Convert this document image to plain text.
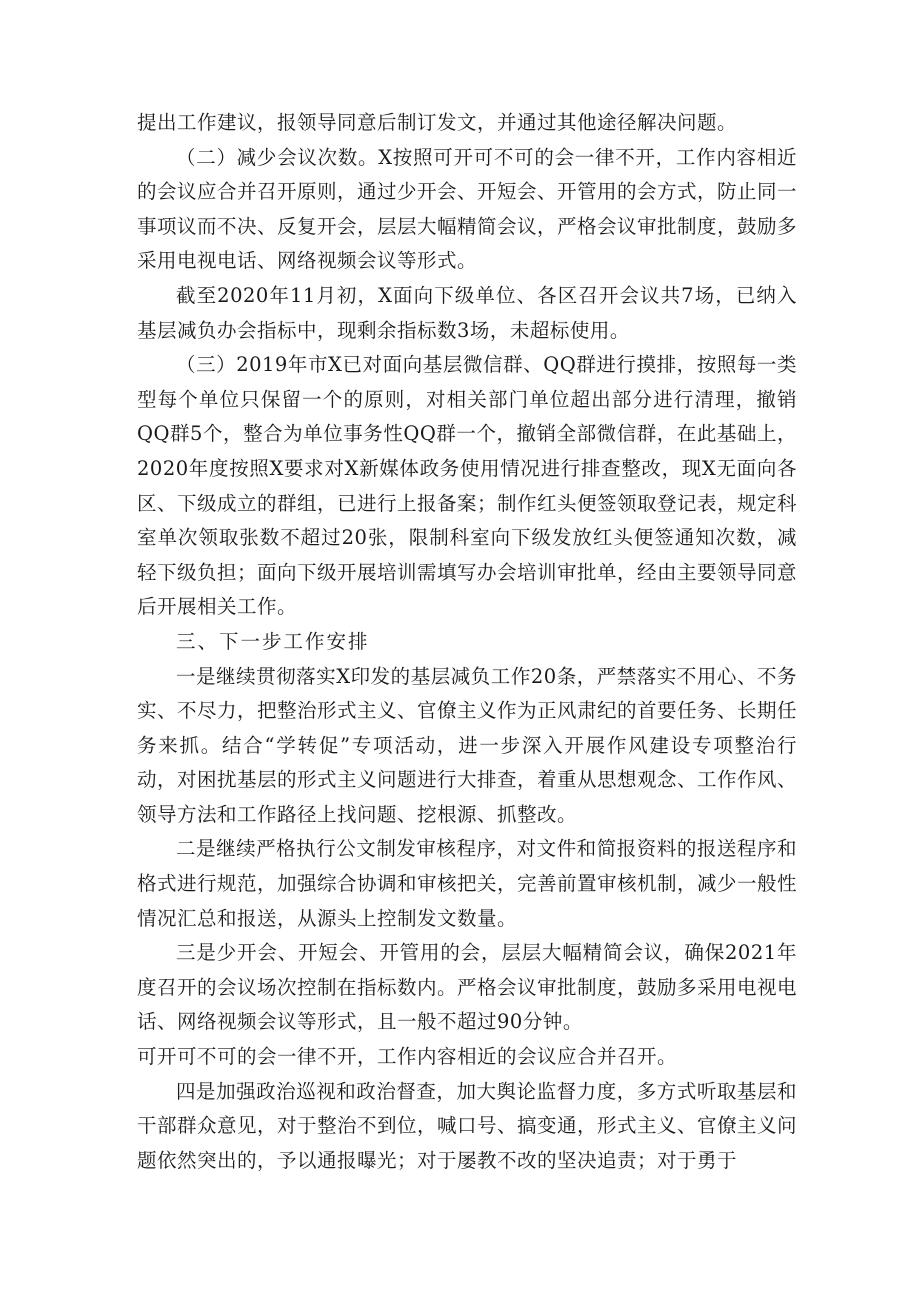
提出工作建议，报领导同意后制订发文，并通过其他途径解决问题。

（二）减少会议次数。X按照可开可不可的会一律不开，工作内容相近的会议应合并召开原则，通过少开会、开短会、开管用的会方式，防止同一事项议而不决、反复开会，层层大幅精简会议，严格会议审批制度，鼓励多采用电视电话、网络视频会议等形式。

截至2020年11月初，X面向下级单位、各区召开会议共7场，已纳入基层减负办会指标中，现剩余指标数3场，未超标使用。

（三）2019年市X已对面向基层微信群、QQ群进行摸排，按照每一类型每个单位只保留一个的原则，对相关部门单位超出部分进行清理，撤销QQ群5个，整合为单位事务性QQ群一个，撤销全部微信群，在此基础上，2020年度按照X要求对X新媒体政务使用情况进行排查整改，现X无面向各区、下级成立的群组，已进行上报备案；制作红头便签领取登记表，规定科室单次领取张数不超过20张，限制科室向下级发放红头便签通知次数，减轻下级负担；面向下级开展培训需填写办会培训审批单，经由主要领导同意后开展相关工作。

三、下一步工作安排

一是继续贯彻落实X印发的基层减负工作20条，严禁落实不用心、不务实、不尽力，把整治形式主义、官僚主义作为正风肃纪的首要任务、长期任务来抓。结合“学转促”专项活动，进一步深入开展作风建设专项整治行动，对困扰基层的形式主义问题进行大排查，着重从思想观念、工作作风、领导方法和工作路径上找问题、挖根源、抓整改。

二是继续严格执行公文制发审核程序，对文件和简报资料的报送程序和格式进行规范，加强综合协调和审核把关，完善前置审核机制，减少一般性情况汇总和报送，从源头上控制发文数量。

三是少开会、开短会、开管用的会，层层大幅精简会议，确保2021年度召开的会议场次控制在指标数内。严格会议审批制度，鼓励多采用电视电话、网络视频会议等形式，且一般不超过90分钟。

可开可不可的会一律不开，工作内容相近的会议应合并召开。

四是加强政治巡视和政治督查，加大舆论监督力度，多方式听取基层和干部群众意见，对于整治不到位，喊口号、搞变通，形式主义、官僚主义问题依然突出的，予以通报曝光；对于屡教不改的坚决追责；对于勇于
